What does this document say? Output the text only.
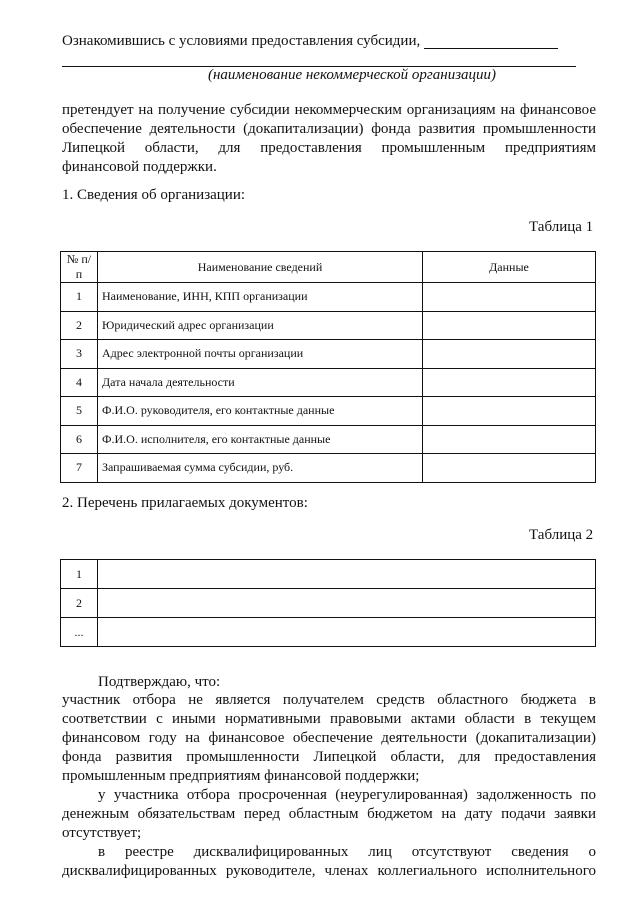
Ознакомившись с условиями предоставления субсидии,
(наименование некоммерческой организации)
претендует на получение субсидии некоммерческим организациям на финансовое
обеспечение деятельности (докапитализации) фонда развития промышленности
Липецкой области, для предоставления промышленным предприятиям
финансовой поддержки.
1. Сведения об организации:
Таблица 1
№ п/п	Наименование сведений	Данные
1	Наименование, ИНН, КПП организации	
2	Юридический адрес организации	
3	Адрес электронной почты организации	
4	Дата начала деятельности	
5	Ф.И.О. руководителя, его контактные данные	
6	Ф.И.О. исполнителя, его контактные данные	
7	Запрашиваемая сумма субсидии, руб.	
2. Перечень прилагаемых документов:
Таблица 2
1	
2	
...	
Подтверждаю, что:
участник отбора не является получателем средств областного бюджета в
соответствии с иными нормативными правовыми актами области в текущем
финансовом году на финансовое обеспечение деятельности (докапитализации)
фонда развития промышленности Липецкой области, для предоставления
промышленным предприятиям финансовой поддержки;
у участника отбора просроченная (неурегулированная) задолженность по
денежным обязательствам перед областным бюджетом на дату подачи заявки
отсутствует;
в реестре дисквалифицированных лиц отсутствуют сведения о
дисквалифицированных руководителе, членах коллегиального исполнительного
